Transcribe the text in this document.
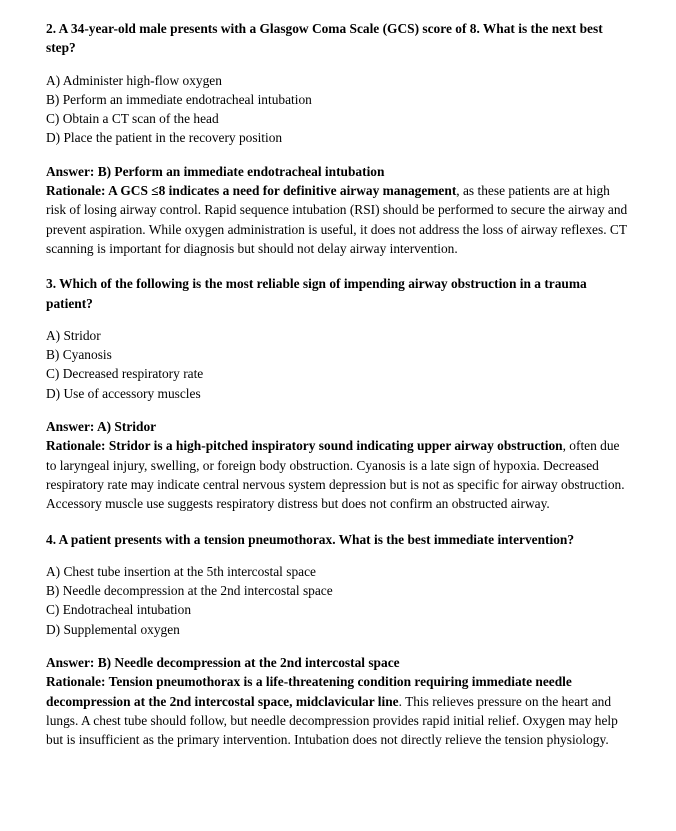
2. A 34-year-old male presents with a Glasgow Coma Scale (GCS) score of 8. What is the next best step?

A) Administer high-flow oxygen
B) Perform an immediate endotracheal intubation
C) Obtain a CT scan of the head
D) Place the patient in the recovery position

Answer: B) Perform an immediate endotracheal intubation

Rationale: A GCS ≤8 indicates a need for definitive airway management, as these patients are at high risk of losing airway control. Rapid sequence intubation (RSI) should be performed to secure the airway and prevent aspiration. While oxygen administration is useful, it does not address the loss of airway reflexes. CT scanning is important for diagnosis but should not delay airway intervention.

3. Which of the following is the most reliable sign of impending airway obstruction in a trauma patient?

A) Stridor
B) Cyanosis
C) Decreased respiratory rate
D) Use of accessory muscles

Answer: A) Stridor

Rationale: Stridor is a high-pitched inspiratory sound indicating upper airway obstruction, often due to laryngeal injury, swelling, or foreign body obstruction. Cyanosis is a late sign of hypoxia. Decreased respiratory rate may indicate central nervous system depression but is not as specific for airway obstruction. Accessory muscle use suggests respiratory distress but does not confirm an obstructed airway.

4. A patient presents with a tension pneumothorax. What is the best immediate intervention?

A) Chest tube insertion at the 5th intercostal space
B) Needle decompression at the 2nd intercostal space
C) Endotracheal intubation
D) Supplemental oxygen

Answer: B) Needle decompression at the 2nd intercostal space

Rationale: Tension pneumothorax is a life-threatening condition requiring immediate needle decompression at the 2nd intercostal space, midclavicular line. This relieves pressure on the heart and lungs. A chest tube should follow, but needle decompression provides rapid initial relief. Oxygen may help but is insufficient as the primary intervention. Intubation does not directly relieve the tension physiology.
